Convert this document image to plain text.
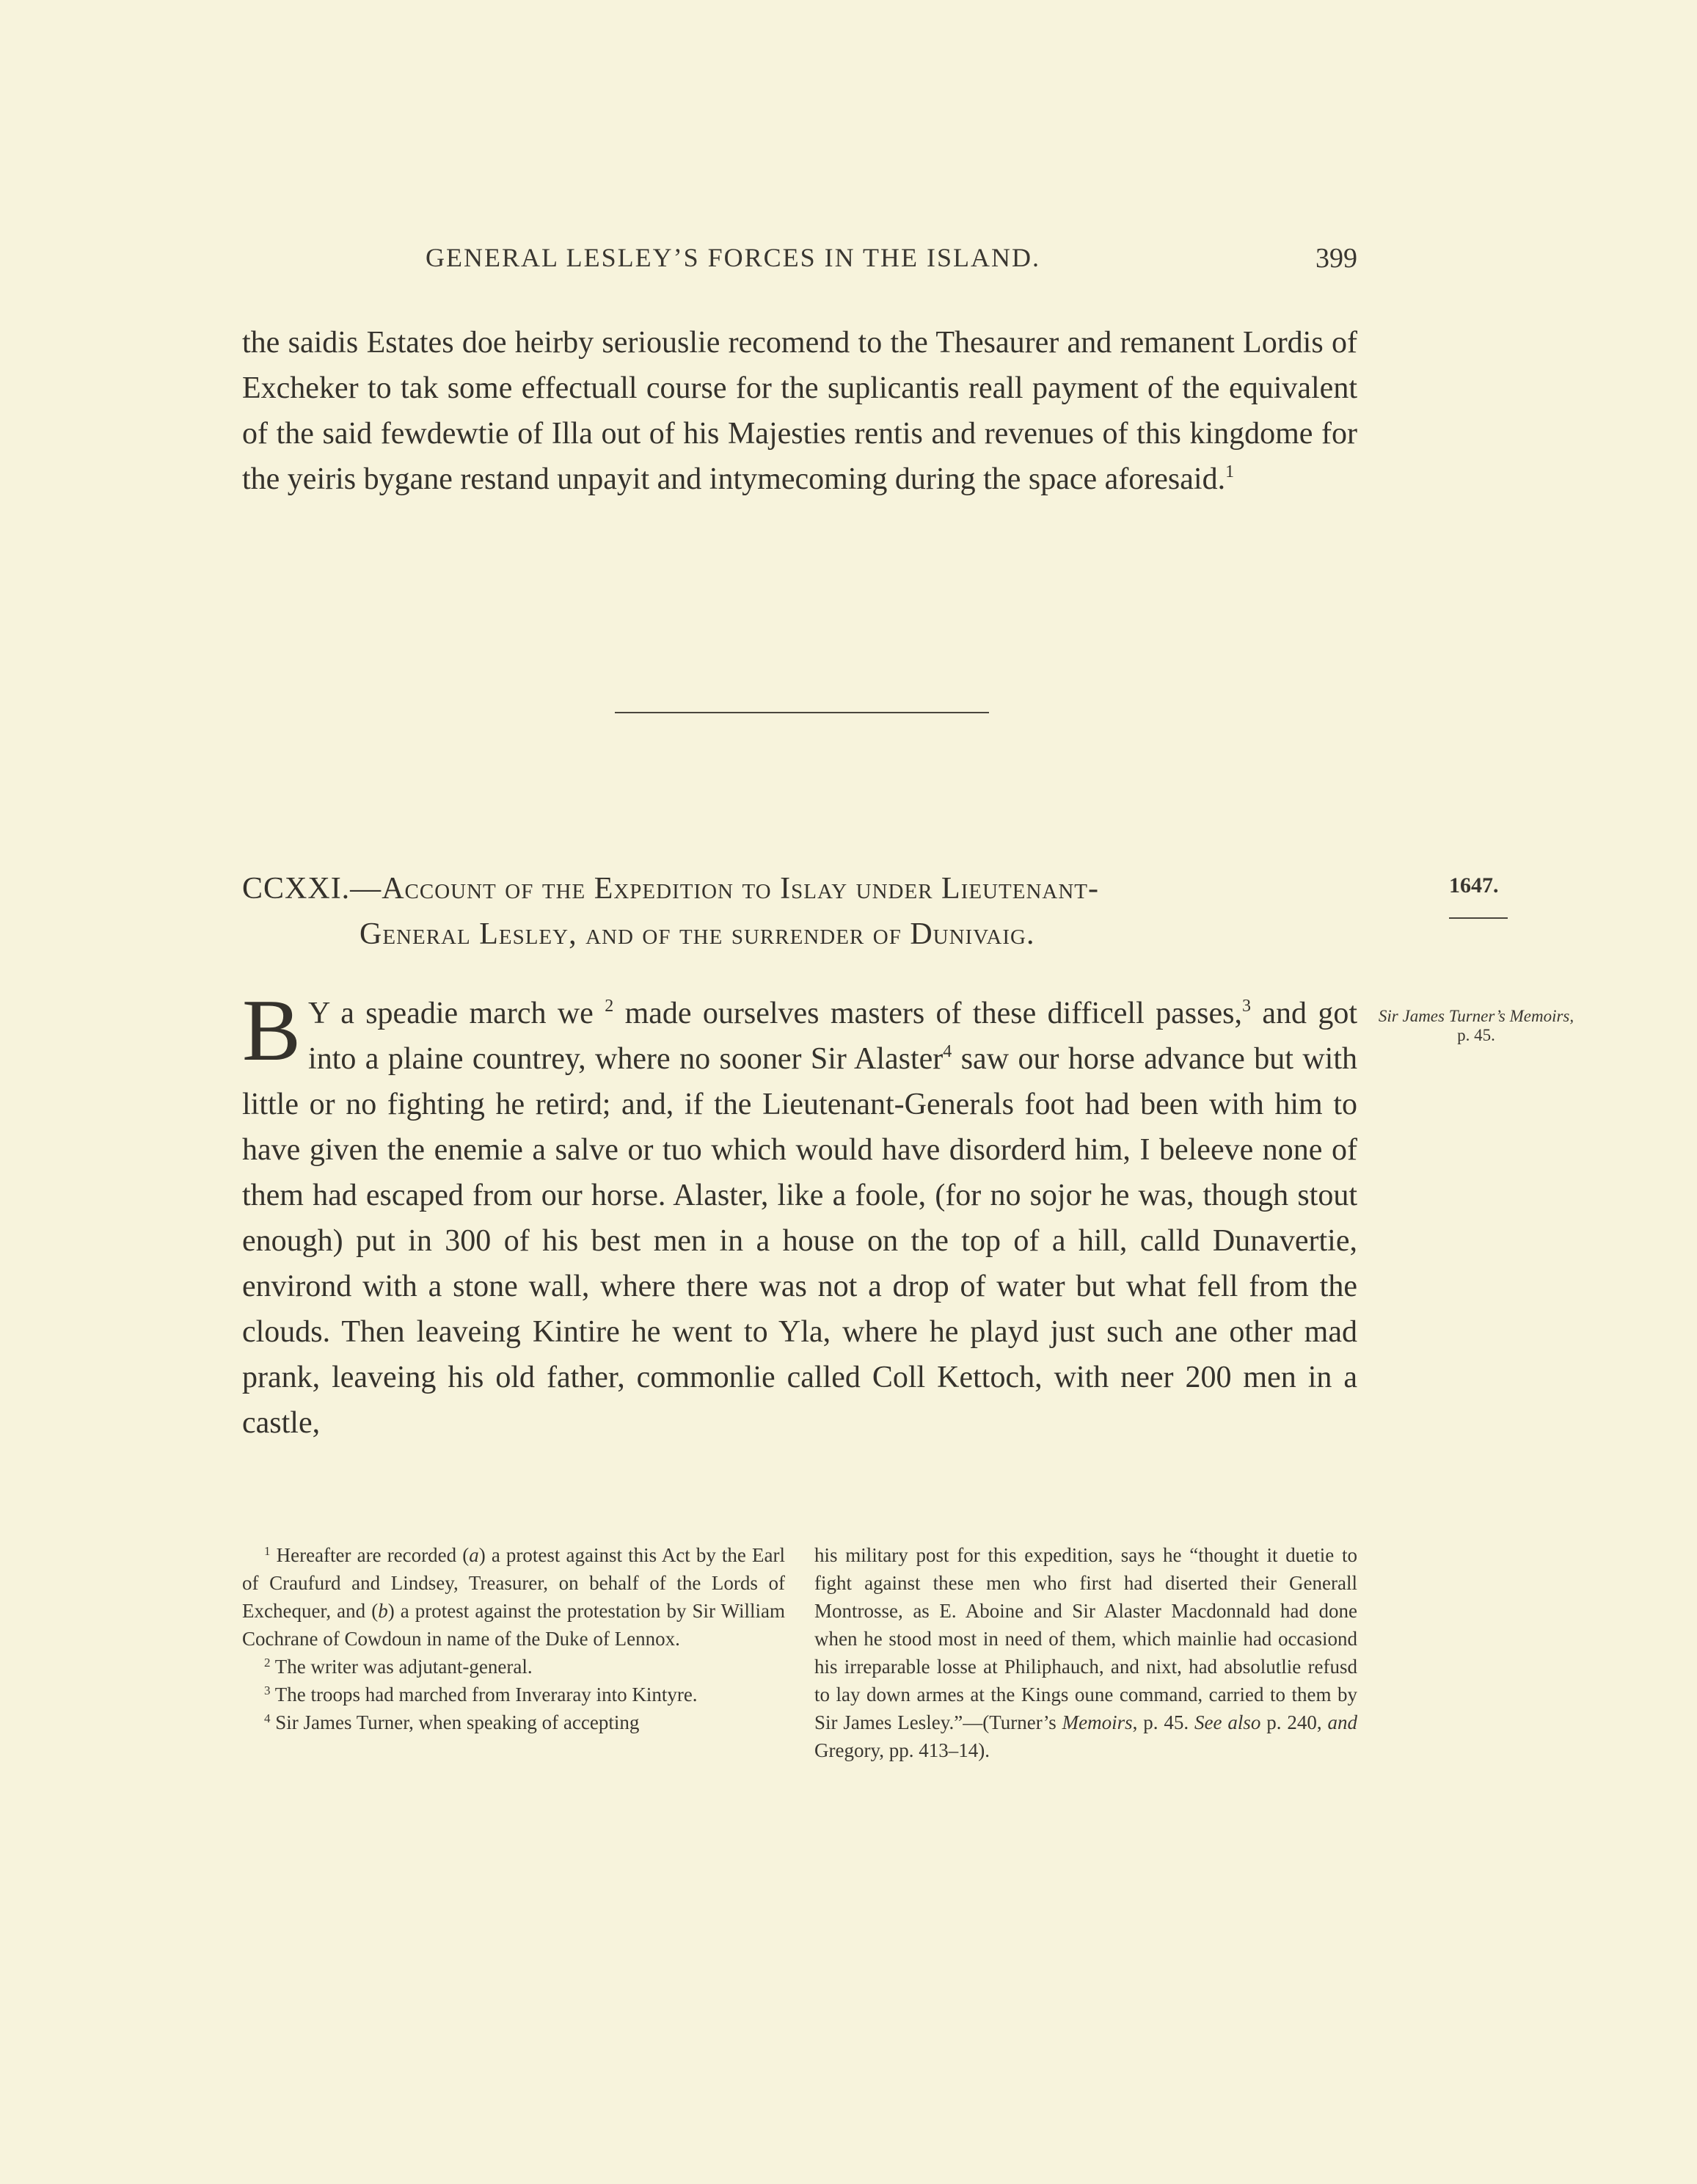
GENERAL LESLEY’S FORCES IN THE ISLAND.	399
the saidis Estates doe heirby seriouslie recomend to the Thesaurer and remanent Lordis of Excheker to tak some effectuall course for the suplicantis reall payment of the equivalent of the said fewdewtie of Illa out of his Majesties rentis and revenues of this kingdome for the yeiris bygane restand unpayit and intymecoming during the space aforesaid.$^1$
CCXXI.—Account of the Expedition to Islay under Lieutenant-
General Lesley, and of the surrender of Dunivaig.
1647.
Sir James Turner’s Memoirs, p. 45.
B Y a speadie march we $^2$ made ourselves masters of these difficell passes,$^3$ and got into a plaine countrey, where no sooner Sir Alaster$^4$ saw our horse advance but with little or no fighting he retird; and, if the Lieutenant-Generals foot had been with him to have given the enemie a salve or tuo which would have disorderd him, I beleeve none of them had escaped from our horse. Alaster, like a foole, (for no sojor he was, though stout enough) put in 300 of his best men in a house on the top of a hill, calld Dunavertie, environd with a stone wall, where there was not a drop of water but what fell from the clouds. Then leaveing Kintire he went to Yla, where he playd just such ane other mad prank, leaveing his old father, commonlie called Coll Kettoch, with neer 200 men in a castle,

$^1$ Hereafter are recorded (a) a protest against this Act by the Earl of Craufurd and Lindsey, Treasurer, on behalf of the Lords of Exchequer, and (b) a protest against the protestation by Sir William Cochrane of Cowdoun in name of the Duke of Lennox.

$^2$ The writer was adjutant-general.

$^3$ The troops had marched from Inveraray into Kintyre.

$^4$ Sir James Turner, when speaking of accepting

his military post for this expedition, says he “thought it duetie to fight against these men who first had diserted their Generall Montrosse, as E. Aboine and Sir Alaster Macdonnald had done when he stood most in need of them, which mainlie had occasiond his irreparable losse at Philiphauch, and nixt, had absolutlie refusd to lay down armes at the Kings oune command, carried to them by Sir James Lesley.”—(Turner’s Memoirs, p. 45. See also p. 240, and Gregory, pp. 413–14).
